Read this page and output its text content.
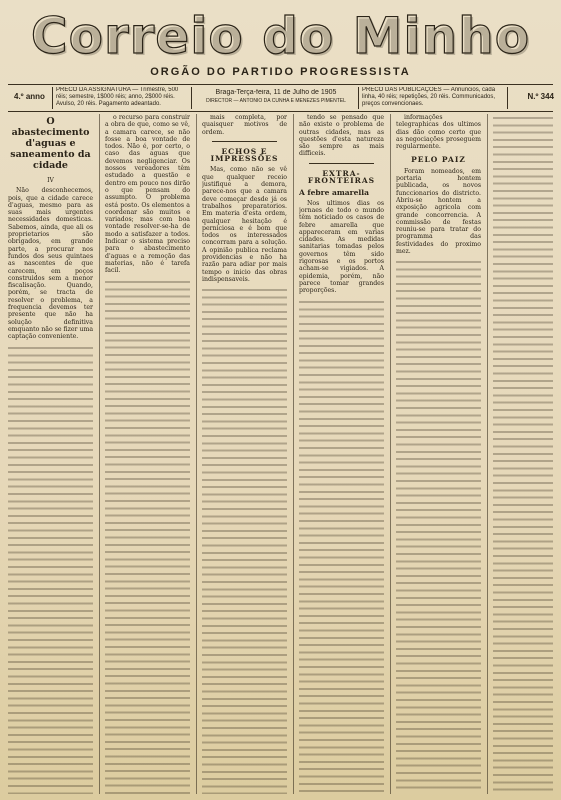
Correio do Minho
ORGÃO DO PARTIDO PROGRESSISTA
4.º anno
PRECO DA ASSIGNATURA — Trimestre, 500 réis; semestre, 1$000 réis; anno, 2$000 réis. Avulso, 20 réis. Pagamento adeantado.
Braga-Terça-feira, 11 de Julho de 1905
DIRECTOR — ANTONIO DA CUNHA E MENEZES PIMENTEL
PRECO DAS PUBLICAÇÕES — Annuncios, cada linha, 40 réis; repetições, 20 réis. Communicados, preços convencionaes.
N.º 344
O abastecimento d'aguas e saneamento da cidade
IV

Não desconhecemos, pois, que a cidade carece d'aguas, mesmo para as suas mais urgentes necessidades domesticas. Sabemos, ainda, que ali os proprietarios são obrigados, em grande parte, a procurar nos fundos dos seus quintaes as nascentes de que carecem, em poços construidos sem a menor fiscalisação. Quando, porém, se tracta de resolver o problema, a frequencia devemos ter presente que não ha solução definitiva emquanto não se fizer uma captação conveniente.

o recurso para construir a obra de que, como se vê, a camara carece, se não fosse a boa vontade de todos. Não é, por certo, o caso das aguas que devemos negligenciar. Os nossos vereadores têm estudado a questão e dentro em pouco nos dirão o que pensam do assumpto. O problema está posto. Os elementos a coordenar são muitos e variados; mas com boa vontade resolver-se-ha de modo a satisfazer a todos. Indicar o sistema preciso para o abastecimento d'aguas e a remoção das materias, não é tarefa facil.

mais completa, por quaisquer motivos de ordem.

ECHOS E IMPRESSÕES

Mas, como não se vê que qualquer receio justifique a demora, parece-nos que a camara deve começar desde já os trabalhos preparatorios. Em materia d'esta ordem, qualquer hesitação é perniciosa e é bom que todos os interessados concorram para a solução. A opinião publica reclama providencias e não ha razão para adiar por mais tempo o inicio das obras indispensaveis.

tendo se pensado que não existe o problema de outras cidades, mas as questões d'esta natureza são sempre as mais difficeis.

EXTRA-FRONTEIRAS
A febre amarella

Nos ultimos dias os jornaes de todo o mundo têm noticiado os casos de febre amarella que appareceram em varias cidades. As medidas sanitarias tomadas pelos governos têm sido rigorosas e os portos acham-se vigiados. A epidemia, porém, não parece tomar grandes proporções.

informações telegraphicas dos ultimos dias dão como certo que as negociações proseguem regularmente.

PELO PAIZ

Foram nomeados, em portaria hontem publicada, os novos funccionarios do districto. Abriu-se hontem a exposição agricola com grande concorrencia. A commissão de festas reuniu-se para tratar do programma das festividades do proximo mez.
